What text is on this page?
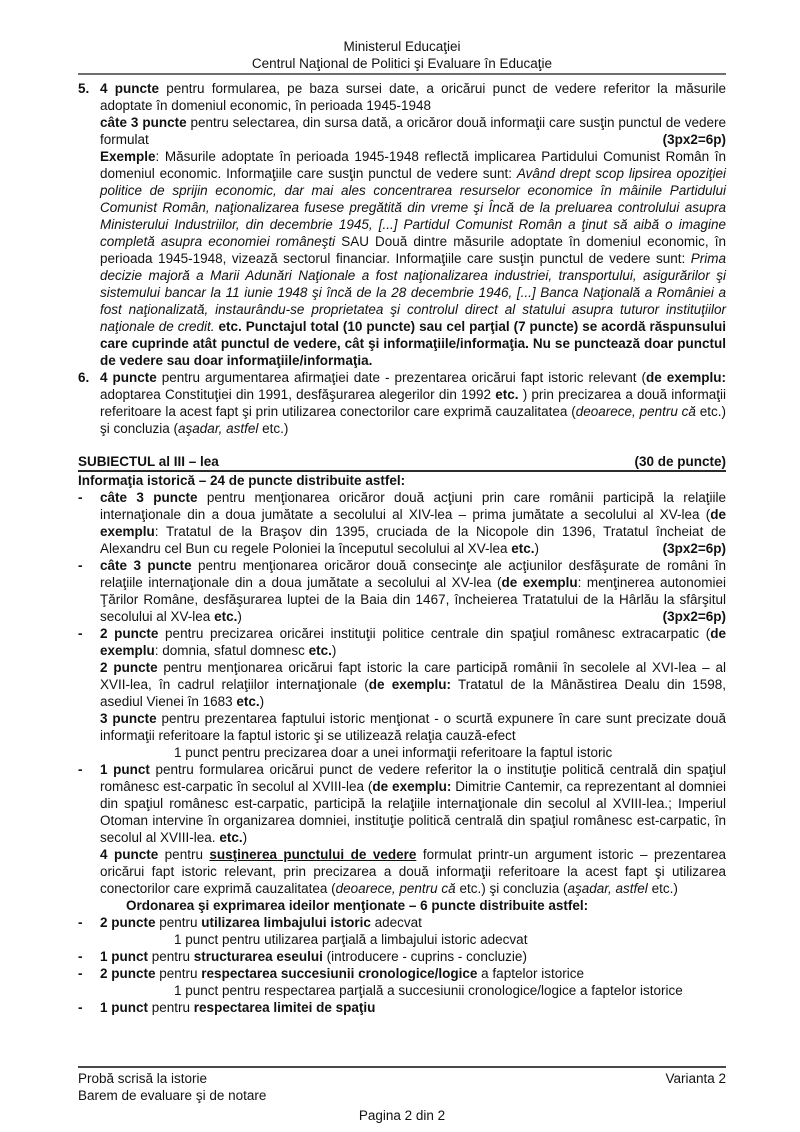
Ministerul Educaţiei
Centrul Naţional de Politici şi Evaluare în Educaţie
5. 4 puncte pentru formularea, pe baza sursei date, a oricărui punct de vedere referitor la măsurile adoptate în domeniul economic, în perioada 1945-1948

câte 3 puncte pentru selectarea, din sursa dată, a oricăror două informaţii care susţin punctul de vedere formulat	(3px2=6p)

Exemple: Măsurile adoptate în perioada 1945-1948 reflectă implicarea Partidului Comunist Român în domeniul economic. Informaţiile care susţin punctul de vedere sunt: Având drept scop lipsirea opoziţiei politice de sprijin economic, dar mai ales concentrarea resurselor economice în mâinile Partidului Comunist Român, naţionalizarea fusese pregătită din vreme şi Încă de la preluarea controlului asupra Ministerului Industriilor, din decembrie 1945, [...] Partidul Comunist Român a ţinut să aibă o imagine completă asupra economiei româneşti SAU Două dintre măsurile adoptate în domeniul economic, în perioada 1945-1948, vizează sectorul financiar. Informaţiile care susţin punctul de vedere sunt: Prima decizie majoră a Marii Adunări Naţionale a fost naţionalizarea industriei, transportului, asigurărilor şi sistemului bancar la 11 iunie 1948 şi încă de la 28 decembrie 1946, [...] Banca Naţională a României a fost naţionalizată, instaurându-se proprietatea şi controlul direct al statului asupra tuturor instituţiilor naţionale de credit. etc. Punctajul total (10 puncte) sau cel parţial (7 puncte) se acordă răspunsului care cuprinde atât punctul de vedere, cât şi informaţiile/informaţia. Nu se punctează doar punctul de vedere sau doar informaţiile/informaţia.

6. 4 puncte pentru argumentarea afirmaţiei date - prezentarea oricărui fapt istoric relevant (de exemplu: adoptarea Constituţiei din 1991, desfăşurarea alegerilor din 1992 etc. ) prin precizarea a două informaţii referitoare la acest fapt şi prin utilizarea conectorilor care exprimă cauzalitatea (deoarece, pentru că etc.) şi concluzia (aşadar, astfel etc.)

SUBIECTUL al III – lea	(30 de puncte)
Informaţia istorică – 24 de puncte distribuite astfel:
-	câte 3 puncte pentru menţionarea oricăror două acţiuni prin care românii participă la relaţiile internaţionale din a doua jumătate a secolului al XIV-lea – prima jumătate a secolului al XV-lea (de exemplu: Tratatul de la Braşov din 1395, cruciada de la Nicopole din 1396, Tratatul încheiat de Alexandru cel Bun cu regele Poloniei la începutul secolului al XV-lea etc.)	(3px2=6p)

-	câte 3 puncte pentru menţionarea oricăror două consecinţe ale acţiunilor desfăşurate de români în relaţiile internaţionale din a doua jumătate a secolului al XV-lea (de exemplu: menţinerea autonomiei Ţărilor Române, desfăşurarea luptei de la Baia din 1467, încheierea Tratatului de la Hârlău la sfârşitul secolului al XV-lea etc.)	(3px2=6p)

-	2 puncte pentru precizarea oricărei instituţii politice centrale din spaţiul românesc extracarpatic (de exemplu: domnia, sfatul domnesc etc.)

2 puncte pentru menţionarea oricărui fapt istoric la care participă românii în secolele al XVI-lea – al XVII-lea, în cadrul relaţiilor internaţionale (de exemplu: Tratatul de la Mânăstirea Dealu din 1598, asediul Vienei în 1683 etc.)

3 puncte pentru prezentarea faptului istoric menţionat - o scurtă expunere în care sunt precizate două informaţii referitoare la faptul istoric şi se utilizează relaţia cauză-efect

1 punct pentru precizarea doar a unei informaţii referitoare la faptul istoric

-	1 punct pentru formularea oricărui punct de vedere referitor la o instituţie politică centrală din spaţiul românesc est-carpatic în secolul al XVIII-lea (de exemplu: Dimitrie Cantemir, ca reprezentant al domniei din spaţiul românesc est-carpatic, participă la relaţiile internaţionale din secolul al XVIII-lea.; Imperiul Otoman intervine în organizarea domniei, instituţie politică centrală din spaţiul românesc est-carpatic, în secolul al XVIII-lea. etc.)

4 puncte pentru susţinerea punctului de vedere formulat printr-un argument istoric – prezentarea oricărui fapt istoric relevant, prin precizarea a două informaţii referitoare la acest fapt şi utilizarea conectorilor care exprimă cauzalitatea (deoarece, pentru că etc.) şi concluzia (aşadar, astfel etc.)

Ordonarea şi exprimarea ideilor menţionate – 6 puncte distribuite astfel:

-	2 puncte pentru utilizarea limbajului istoric adecvat

1 punct pentru utilizarea parţială a limbajului istoric adecvat

-	1 punct pentru structurarea eseului (introducere - cuprins - concluzie)

-	2 puncte pentru respectarea succesiunii cronologice/logice a faptelor istorice

1 punct pentru respectarea parţială a succesiunii cronologice/logice a faptelor istorice

-	1 punct pentru respectarea limitei de spaţiu

Probă scrisă la istorie
Barem de evaluare şi de notare
Varianta 2
Pagina 2 din 2
